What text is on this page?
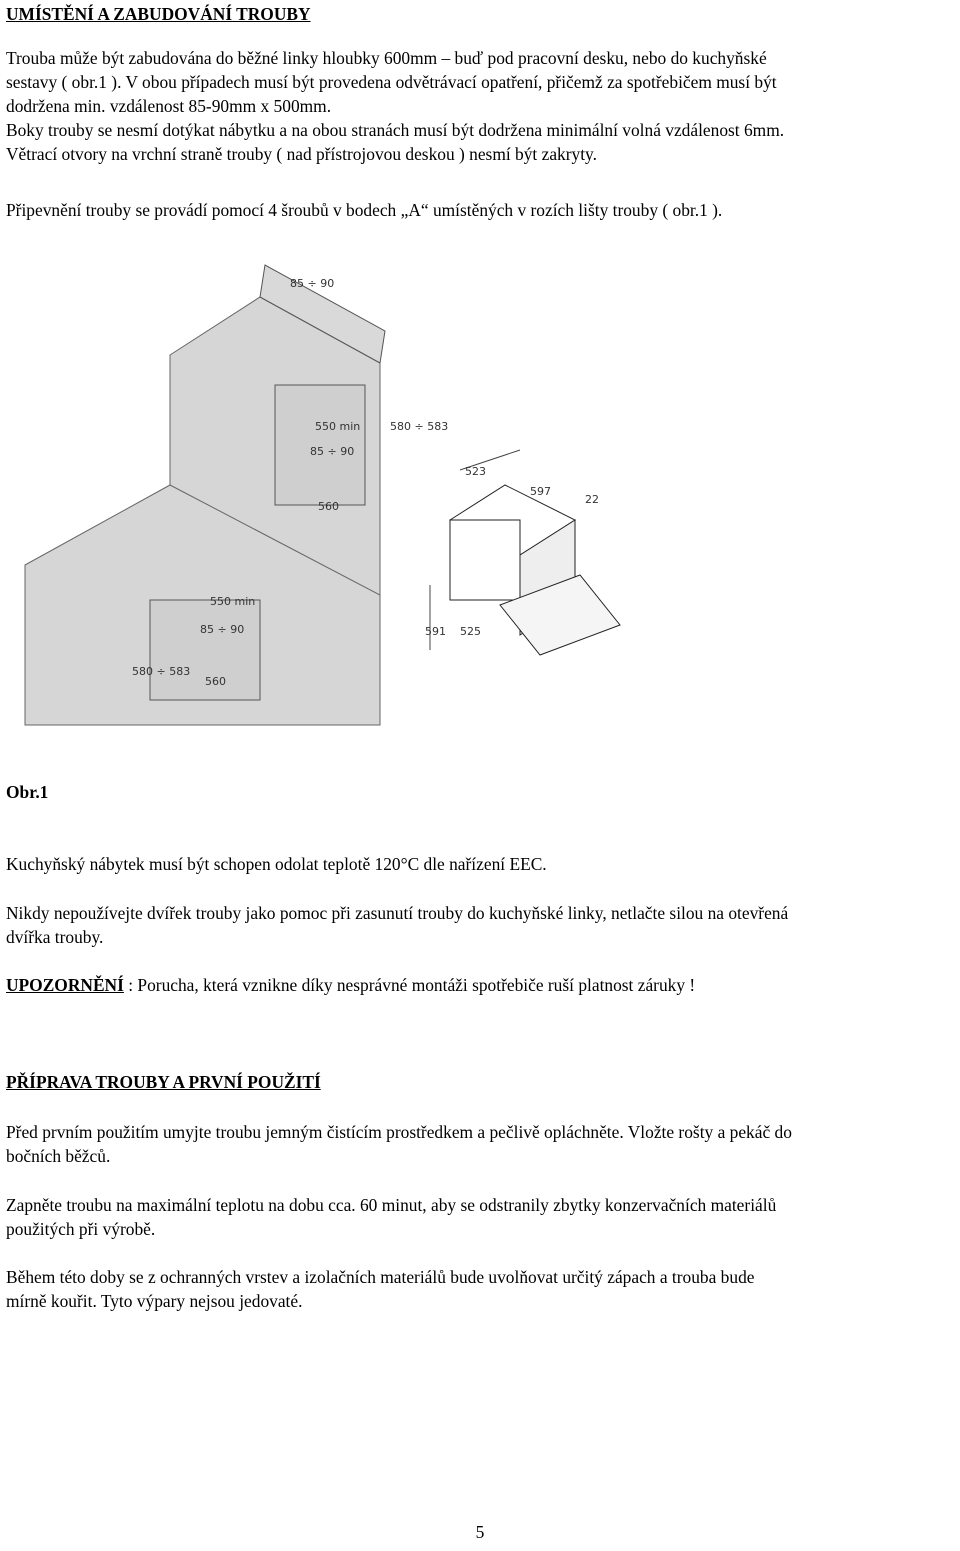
UMÍSTĚNÍ A ZABUDOVÁNÍ TROUBY
Trouba může být zabudována do běžné linky hloubky 600mm – buď pod pracovní desku, nebo do kuchyňské
sestavy ( obr.1 ). V obou případech musí být provedena odvětrávací opatření, přičemž za spotřebičem musí být
dodržena min. vzdálenost 85-90mm x 500mm.
Boky trouby se nesmí dotýkat nábytku a na obou stranách musí být dodržena minimální volná vzdálenost 6mm.
Větrací otvory na vrchní straně trouby ( nad přístrojovou deskou ) nesmí být zakryty.

Připevnění trouby se provádí pomocí 4 šroubů v bodech „A“ umístěných v rozích lišty trouby ( obr.1 ).

85 ÷ 90
580 ÷ 583
550 min
85 ÷ 90
560
580 ÷ 583
550 min
85 ÷ 90
560
523
597
22
591 525

Obr.1

Kuchyňský nábytek musí být schopen odolat teplotě 120°C dle nařízení EEC.

Nikdy nepoužívejte dvířek trouby jako pomoc při zasunutí trouby do kuchyňské linky, netlačte silou na otevřená
dvířka trouby.

UPOZORNĚNÍ : Porucha, která vznikne díky nesprávné montáži spotřebiče ruší platnost záruky !

PŘÍPRAVA TROUBY A PRVNÍ POUŽITÍ
Před prvním použitím umyjte troubu jemným čistícím prostředkem a pečlivě opláchněte. Vložte rošty a pekáč do
bočních běžců.
Zapněte troubu na maximální teplotu na dobu cca. 60 minut, aby se odstranily zbytky konzervačních materiálů
použitých při výrobě.
Během této doby se z ochranných vrstev a izolačních materiálů bude uvolňovat určitý zápach a trouba bude
mírně kouřit. Tyto výpary nejsou jedovaté.
5
